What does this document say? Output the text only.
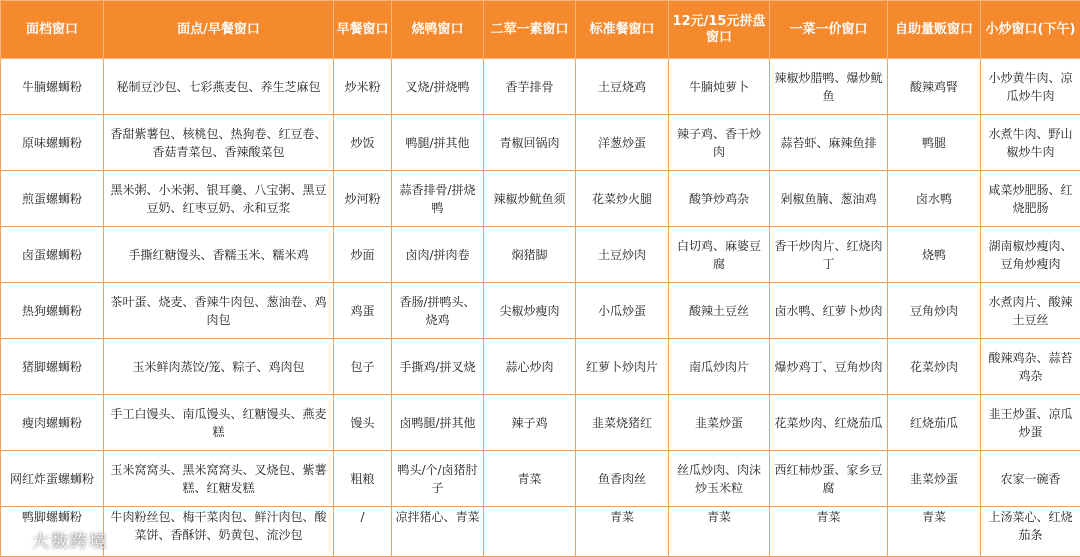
面档窗口	面点/早餐窗口	早餐窗口	烧鸭窗口	二荤一素窗口	标准餐窗口	12元/15元拼盘窗口	一菜一价窗口	自助量贩窗口	小炒窗口(下午)
牛腩螺蛳粉	秘制豆沙包、七彩燕麦包、养生芝麻包	炒米粉	叉烧/拼烧鸭	香芋排骨	土豆烧鸡	牛腩炖萝卜	辣椒炒腊鸭、爆炒鱿鱼	酸辣鸡腎	小炒黄牛肉、凉瓜炒牛肉
原味螺蛳粉	香甜紫薯包、核桃包、热狗卷、红豆卷、香菇青菜包、香辣酸菜包	炒饭	鸭腿/拼其他	青椒回锅肉	洋葱炒蛋	辣子鸡、香干炒肉	蒜苔虾、麻辣鱼排	鸭腿	水煮牛肉、野山椒炒牛肉
煎蛋螺蛳粉	黑米粥、小米粥、银耳羹、八宝粥、黑豆豆奶、红枣豆奶、永和豆浆	炒河粉	蒜香排骨/拼烧鸭	辣椒炒鱿鱼须	花菜炒火腿	酸笋炒鸡杂	剁椒鱼腩、葱油鸡	卤水鸭	咸菜炒肥肠、红烧肥肠
卤蛋螺蛳粉	手撕红糖馒头、香糯玉米、糯米鸡	炒面	卤肉/拼肉卷	焖猪脚	土豆炒肉	白切鸡、麻婆豆腐	香干炒肉片、红烧肉丁	烧鸭	湖南椒炒瘦肉、豆角炒瘦肉
热狗螺蛳粉	茶叶蛋、烧麦、香辣牛肉包、葱油卷、鸡肉包	鸡蛋	香肠/拼鸭头、烧鸡	尖椒炒瘦肉	小瓜炒蛋	酸辣土豆丝	卤水鸭、红萝卜炒肉	豆角炒肉	水煮肉片、酸辣土豆丝
猪脚螺蛳粉	玉米鲜肉蒸饺/笼、粽子、鸡肉包	包子	手撕鸡/拼叉烧	蒜心炒肉	红萝卜炒肉片	南瓜炒肉片	爆炒鸡丁、豆角炒肉	花菜炒肉	酸辣鸡杂、蒜苔鸡杂
瘦肉螺蛳粉	手工白馒头、南瓜馒头、红糖馒头、燕麦糕	馒头	卤鸭腿/拼其他	辣子鸡	韭菜烧猪红	韭菜炒蛋	花菜炒肉、红烧茄瓜	红烧茄瓜	韭王炒蛋、凉瓜炒蛋
网红炸蛋螺蛳粉	玉米窝窝头、黑米窝窝头、叉烧包、紫薯糕、红糖发糕	粗粮	鸭头/个/卤猪肘子	青菜	鱼香肉丝	丝瓜炒肉、肉沫炒玉米粒	西红柿炒蛋、家乡豆腐	韭菜炒蛋	农家一碗香
鸭脚螺蛳粉	牛肉粉丝包、梅干菜肉包、鲜汁肉包、酸菜饼、香酥饼、奶黄包、流沙包	/	凉拌猪心、青菜		青菜	青菜	青菜	青菜	上汤菜心、红烧茄条
大数跨境
